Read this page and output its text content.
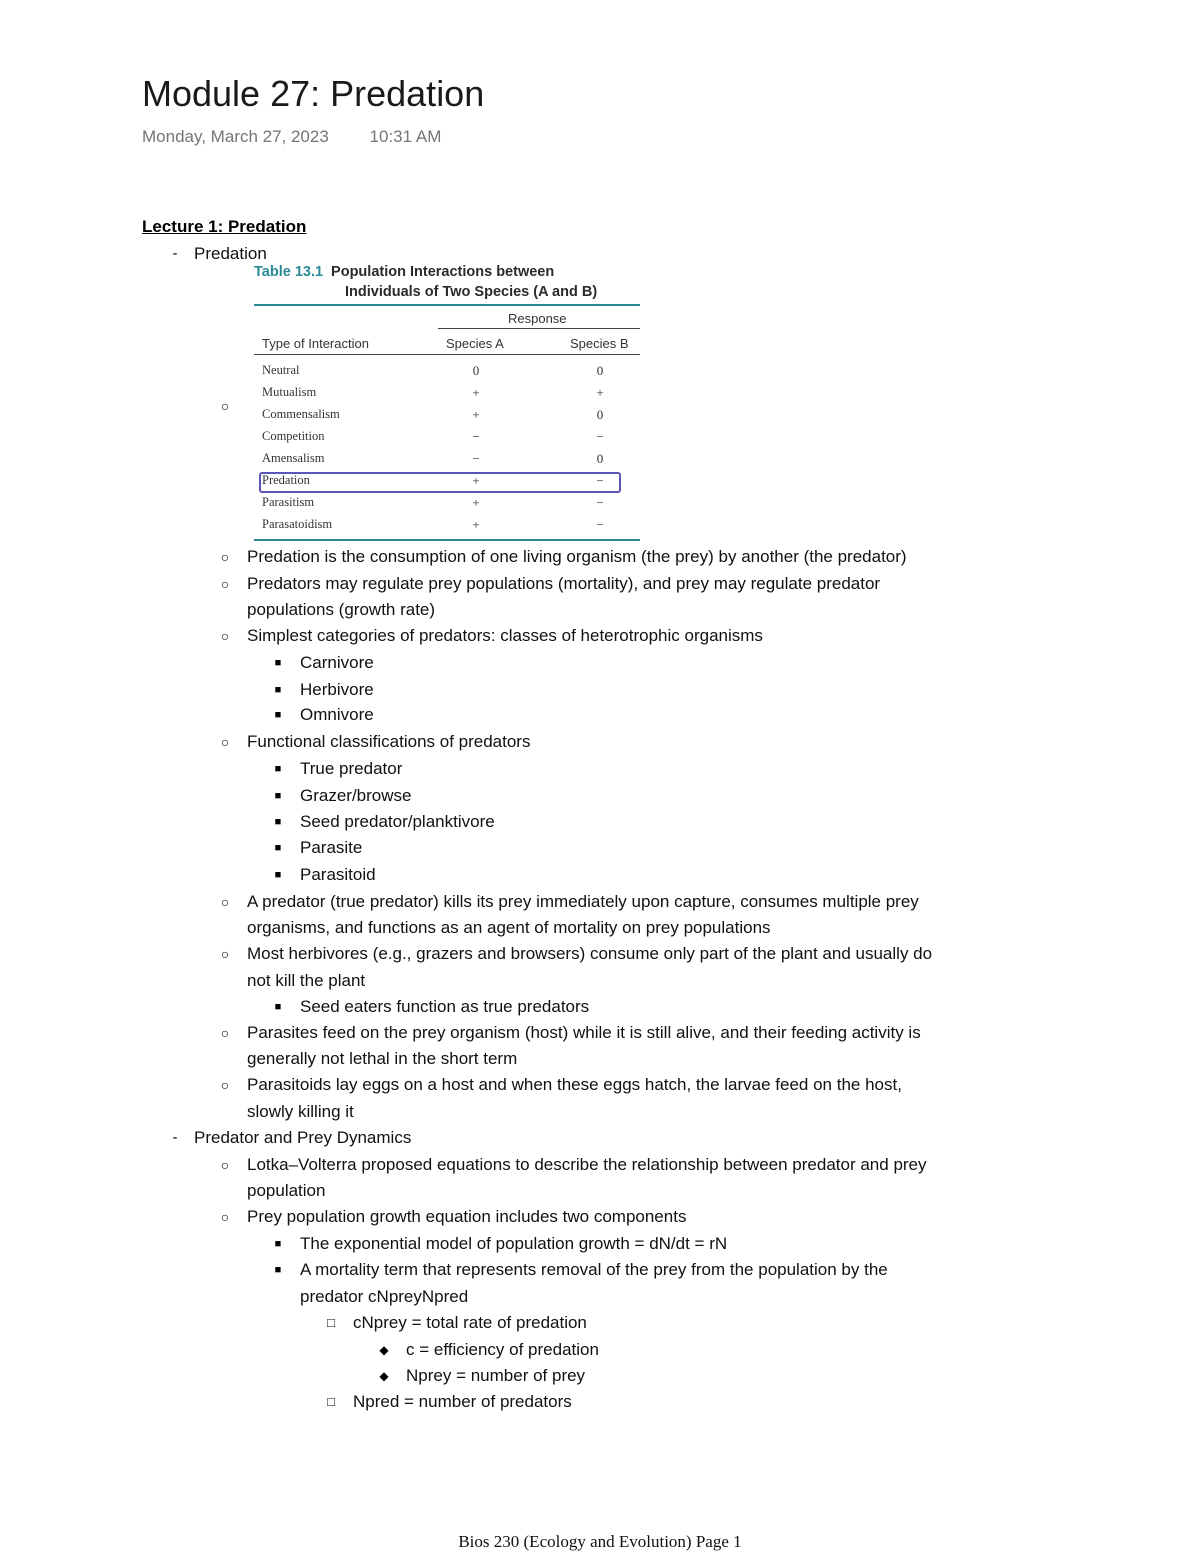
Module 27: Predation
Monday, March 27, 2023 10:31 AM
Lecture 1: Predation
- Predation
○
Table 13.1 Population Interactions between
Individuals of Two Species (A and B)
Response
Type of Interaction	Species A	Species B
Neutral	0	0
Mutualism	+	+
Commensalism	+	0
Competition	−	−
Amensalism	−	0
Predation	+	−
Parasitism	+	−
Parasatoidism	+	−
○ Predation is the consumption of one living organism (the prey) by another (the predator)
○ Predators may regulate prey populations (mortality), and prey may regulate predator
populations (growth rate)
○ Simplest categories of predators: classes of heterotrophic organisms
■ Carnivore
■ Herbivore
■ Omnivore
○ Functional classifications of predators
■ True predator
■ Grazer/browse
■ Seed predator/planktivore
■ Parasite
■ Parasitoid
○ A predator (true predator) kills its prey immediately upon capture, consumes multiple prey
organisms, and functions as an agent of mortality on prey populations
○ Most herbivores (e.g., grazers and browsers) consume only part of the plant and usually do
not kill the plant
■ Seed eaters function as true predators
○ Parasites feed on the prey organism (host) while it is still alive, and their feeding activity is
generally not lethal in the short term
○ Parasitoids lay eggs on a host and when these eggs hatch, the larvae feed on the host,
slowly killing it
- Predator and Prey Dynamics
○ Lotka–Volterra proposed equations to describe the relationship between predator and prey
population
○ Prey population growth equation includes two components
■ The exponential model of population growth = dN/dt = rN
■ A mortality term that represents removal of the prey from the population by the
predator cNpreyNpred
□ cNprey = total rate of predation
◆ c = efficiency of predation
◆ Nprey = number of prey
□ Npred = number of predators
Bios 230 (Ecology and Evolution) Page 1
